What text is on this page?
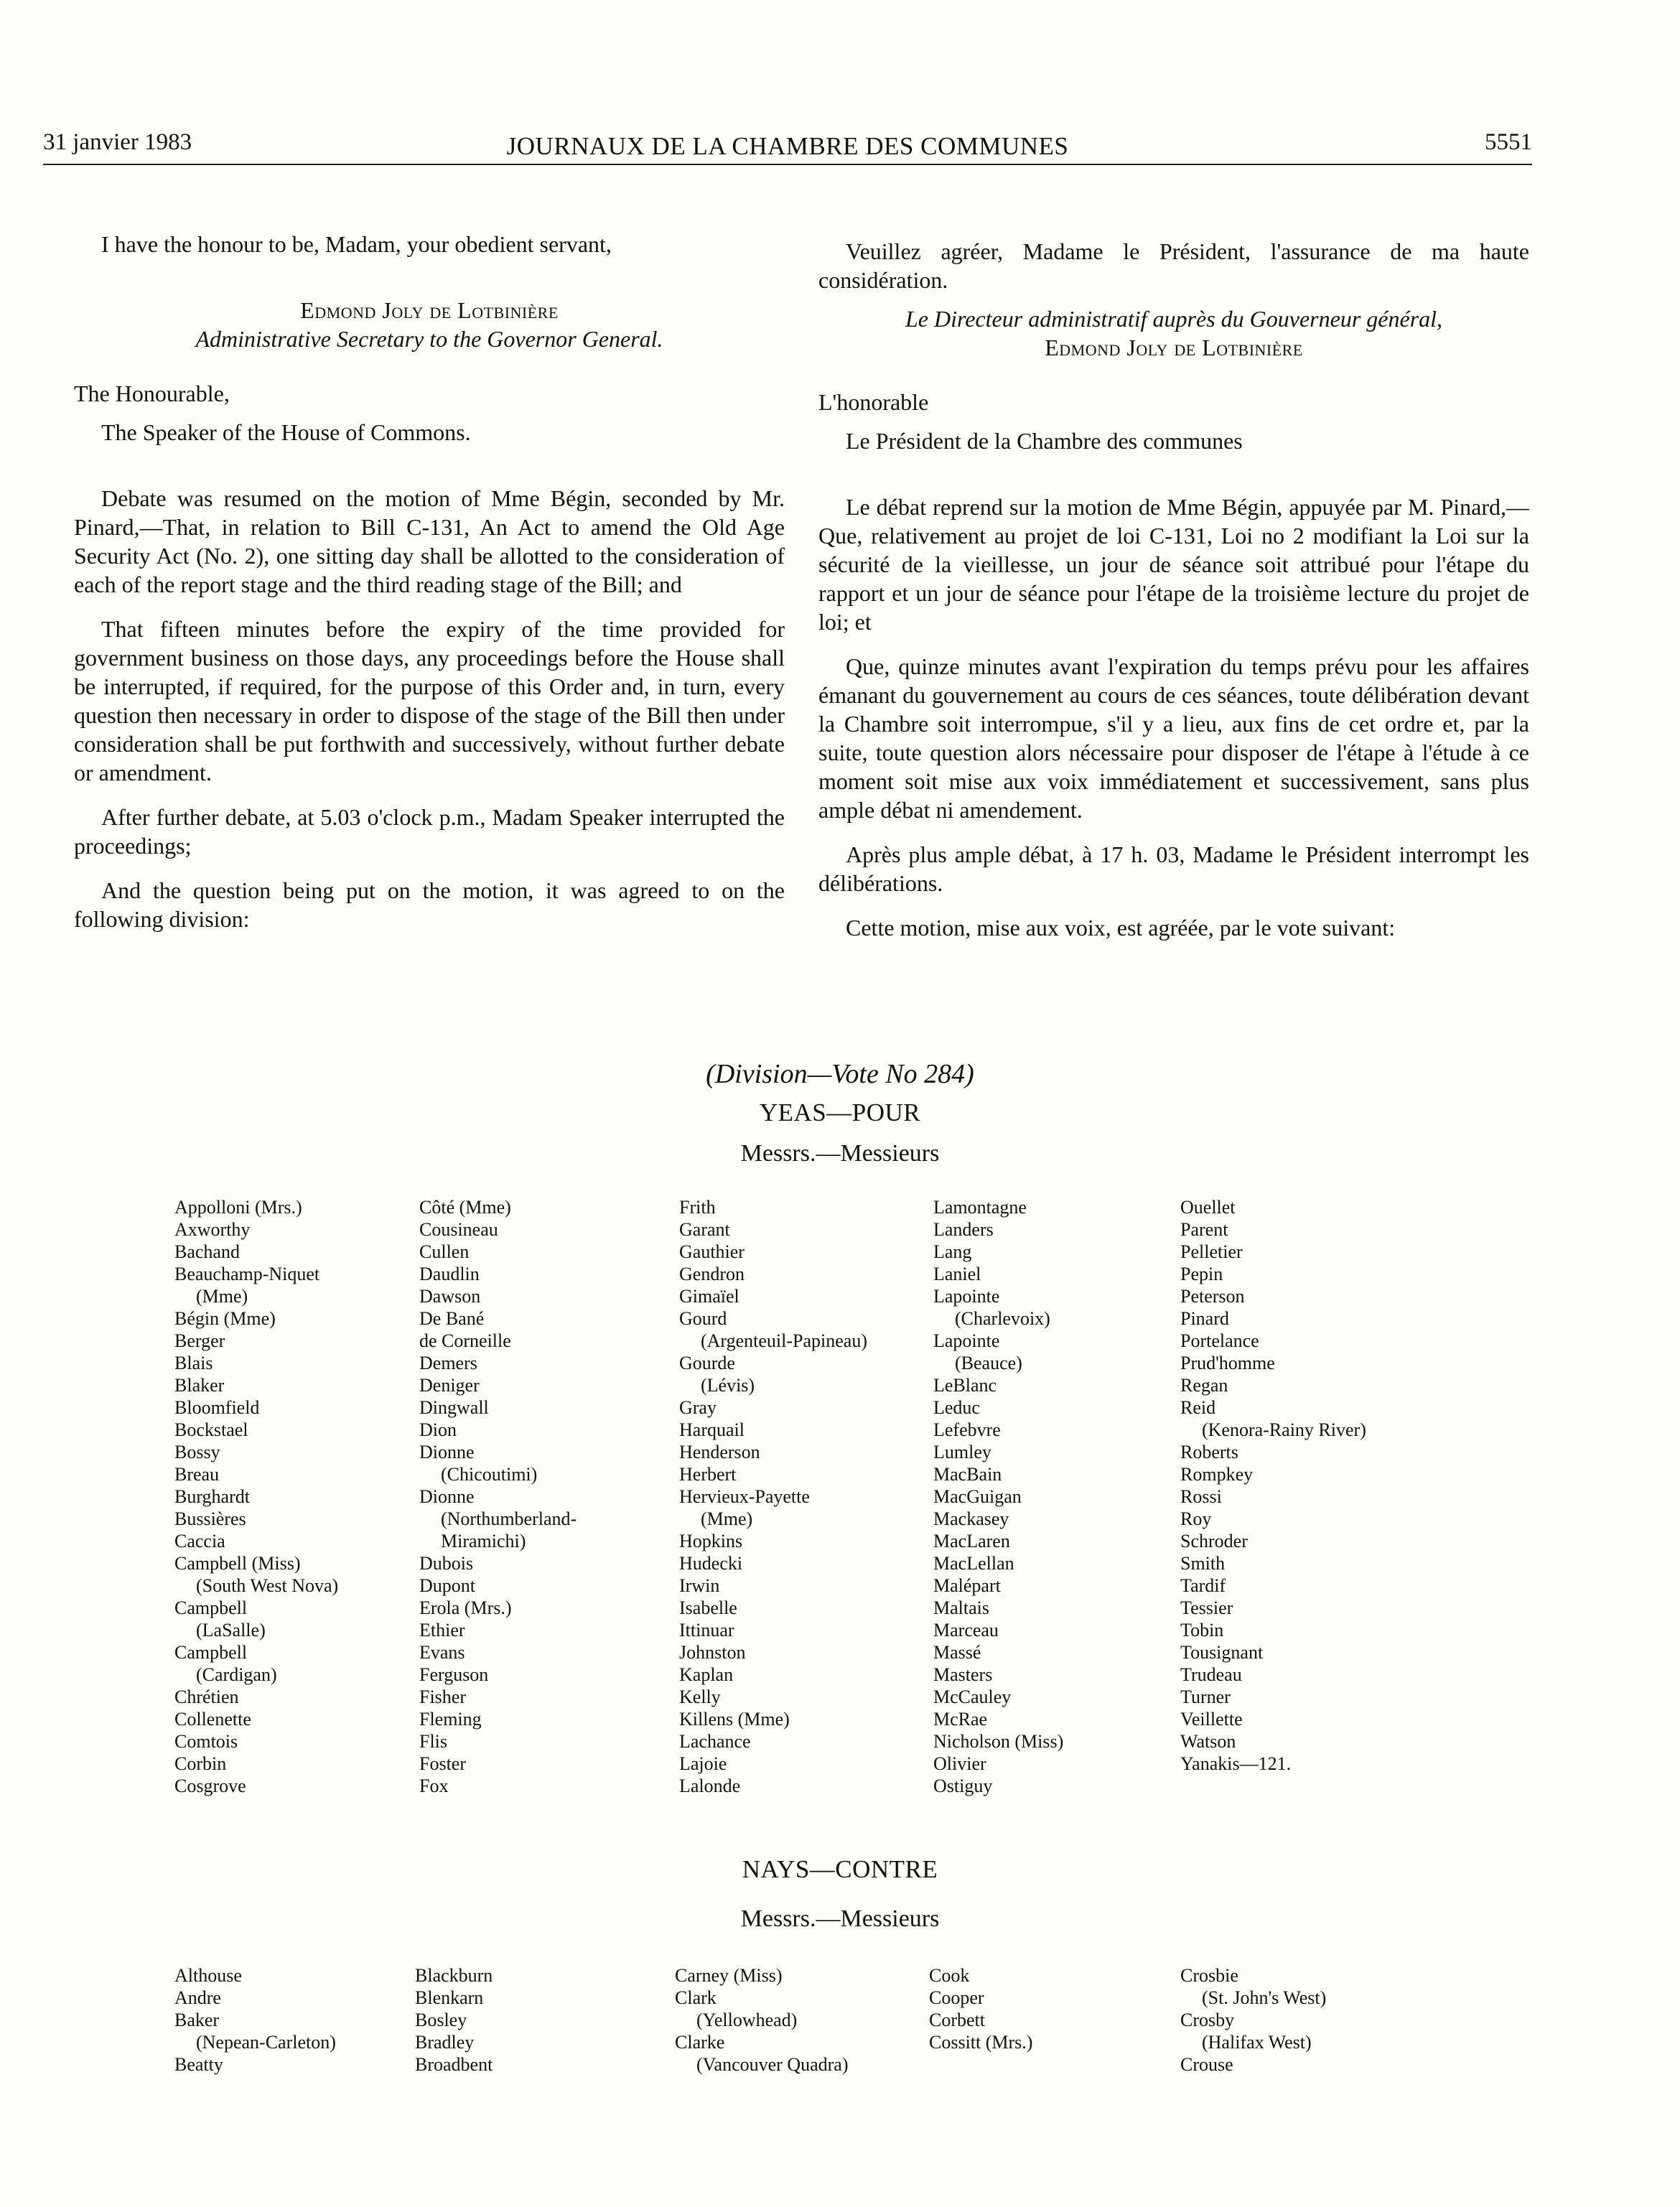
31 janvier 1983	JOURNAUX DE LA CHAMBRE DES COMMUNES	5551

I have the honour to be, Madam, your obedient servant,

Edmond Joly de Lotbinière

Administrative Secretary to the Governor General.

The Honourable,

The Speaker of the House of Commons.

Debate was resumed on the motion of Mme Bégin, seconded by Mr. Pinard,—That, in relation to Bill C-131, An Act to amend the Old Age Security Act (No. 2), one sitting day shall be allotted to the consideration of each of the report stage and the third reading stage of the Bill; and

That fifteen minutes before the expiry of the time provided for government business on those days, any proceedings before the House shall be interrupted, if required, for the purpose of this Order and, in turn, every question then necessary in order to dispose of the stage of the Bill then under consideration shall be put forthwith and successively, without further debate or amendment.

After further debate, at 5.03 o'clock p.m., Madam Speaker interrupted the proceedings;

And the question being put on the motion, it was agreed to on the following division:

Veuillez agréer, Madame le Président, l'assurance de ma haute considération.

Le Directeur administratif auprès du Gouverneur général,

Edmond Joly de Lotbinière

L'honorable

Le Président de la Chambre des communes

Le débat reprend sur la motion de Mme Bégin, appuyée par M. Pinard,—Que, relativement au projet de loi C-131, Loi no 2 modifiant la Loi sur la sécurité de la vieillesse, un jour de séance soit attribué pour l'étape du rapport et un jour de séance pour l'étape de la troisième lecture du projet de loi; et

Que, quinze minutes avant l'expiration du temps prévu pour les affaires émanant du gouvernement au cours de ces séances, toute délibération devant la Chambre soit interrompue, s'il y a lieu, aux fins de cet ordre et, par la suite, toute question alors nécessaire pour disposer de l'étape à l'étude à ce moment soit mise aux voix immédiatement et successivement, sans plus ample débat ni amendement.

Après plus ample débat, à 17 h. 03, Madame le Président interrompt les délibérations.

Cette motion, mise aux voix, est agréée, par le vote suivant:

(Division—Vote No 284)
YEAS—POUR
Messrs.—Messieurs
Appolloni (Mrs.)
Axworthy
Bachand
Beauchamp-Niquet
(Mme)
Bégin (Mme)
Berger
Blais
Blaker
Bloomfield
Bockstael
Bossy
Breau
Burghardt
Bussières
Caccia
Campbell (Miss)
(South West Nova)
Campbell
(LaSalle)
Campbell
(Cardigan)
Chrétien
Collenette
Comtois
Corbin
Cosgrove
Côté (Mme)
Cousineau
Cullen
Daudlin
Dawson
De Bané
de Corneille
Demers
Deniger
Dingwall
Dion
Dionne
(Chicoutimi)
Dionne
(Northumberland-
Miramichi)
Dubois
Dupont
Erola (Mrs.)
Ethier
Evans
Ferguson
Fisher
Fleming
Flis
Foster
Fox
Frith
Garant
Gauthier
Gendron
Gimaïel
Gourd
(Argenteuil-Papineau)
Gourde
(Lévis)
Gray
Harquail
Henderson
Herbert
Hervieux-Payette
(Mme)
Hopkins
Hudecki
Irwin
Isabelle
Ittinuar
Johnston
Kaplan
Kelly
Killens (Mme)
Lachance
Lajoie
Lalonde
Lamontagne
Landers
Lang
Laniel
Lapointe
(Charlevoix)
Lapointe
(Beauce)
LeBlanc
Leduc
Lefebvre
Lumley
MacBain
MacGuigan
Mackasey
MacLaren
MacLellan
Malépart
Maltais
Marceau
Massé
Masters
McCauley
McRae
Nicholson (Miss)
Olivier
Ostiguy
Ouellet
Parent
Pelletier
Pepin
Peterson
Pinard
Portelance
Prud'homme
Regan
Reid
(Kenora-Rainy River)
Roberts
Rompkey
Rossi
Roy
Schroder
Smith
Tardif
Tessier
Tobin
Tousignant
Trudeau
Turner
Veillette
Watson
Yanakis—121.
NAYS—CONTRE
Messrs.—Messieurs
Althouse
Andre
Baker
(Nepean-Carleton)
Beatty
Blackburn
Blenkarn
Bosley
Bradley
Broadbent
Carney (Miss)
Clark
(Yellowhead)
Clarke
(Vancouver Quadra)
Cook
Cooper
Corbett
Cossitt (Mrs.)
Crosbie
(St. John's West)
Crosby
(Halifax West)
Crouse
